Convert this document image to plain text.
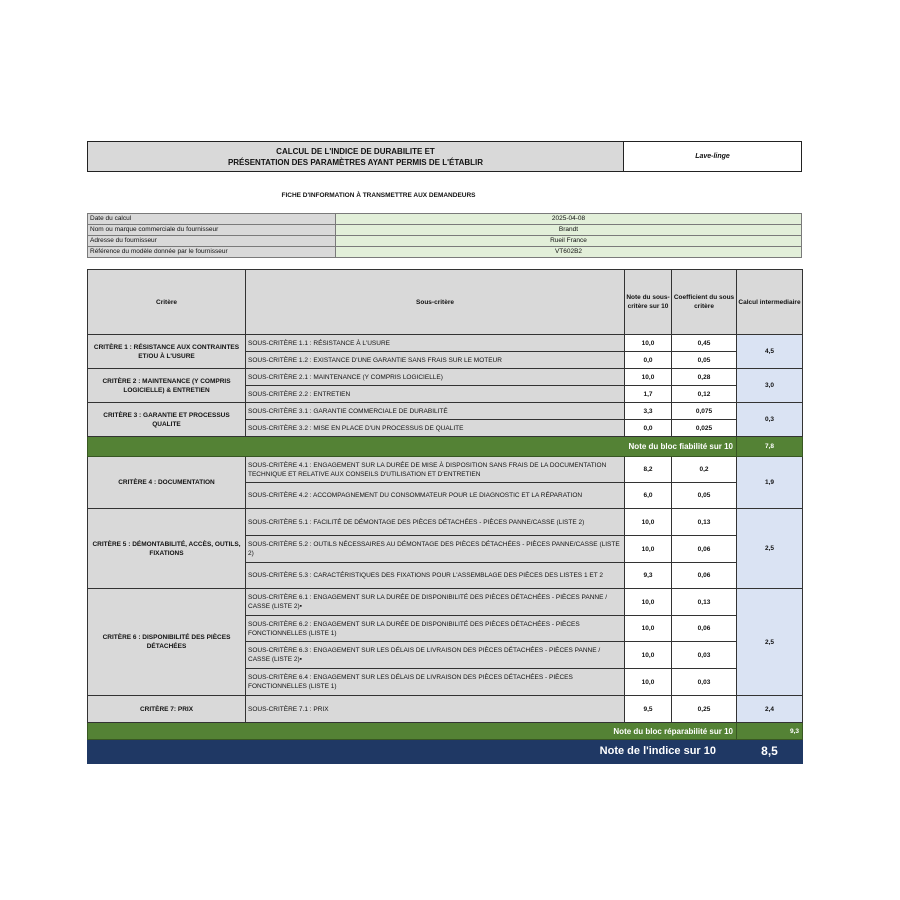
CALCUL DE L'INDICE DE DURABILITE ET
PRÉSENTATION DES PARAMÈTRES AYANT PERMIS DE L'ÉTABLIR
Lave-linge
FICHE D'INFORMATION À TRANSMETTRE AUX DEMANDEURS
Date du calcul	2025-04-08
Nom ou marque commerciale du fournisseur	Brandt
Adresse du fournisseur	Rueil France
Référence du modèle donnée par le fournisseur	VT602B2
Critère	Sous-critère	Note du sous-critère sur 10	Coefficient du sous critère	Calcul intermediaire
CRITÈRE 1 : RÉSISTANCE AUX CONTRAINTES ET/OU À L'USURE	SOUS-CRITÈRE 1.1 : RÉSISTANCE À L'USURE	10,0	0,45	4,5
	SOUS-CRITÈRE 1.2 : EXISTANCE D'UNE GARANTIE SANS FRAIS SUR LE MOTEUR	0,0	0,05	
CRITÈRE 2 : MAINTENANCE (Y COMPRIS LOGICIELLE) & ENTRETIEN	SOUS-CRITÈRE 2.1 : MAINTENANCE (Y COMPRIS LOGICIELLE)	10,0	0,28	3,0
	SOUS-CRITÈRE 2.2 : ENTRETIEN	1,7	0,12	
CRITÈRE 3 : GARANTIE ET PROCESSUS QUALITE	SOUS-CRITÈRE 3.1 : GARANTIE COMMERCIALE DE DURABILITÉ	3,3	0,075	0,3
	SOUS-CRITÈRE 3.2 : MISE EN PLACE D'UN PROCESSUS DE QUALITE	0,0	0,025	
Note du bloc fiabilité sur 10				7,8
CRITÈRE 4 : DOCUMENTATION	SOUS-CRITÈRE 4.1 : ENGAGEMENT SUR LA DURÉE DE MISE À DISPOSITION SANS FRAIS DE LA DOCUMENTATION TECHNIQUE ET RELATIVE AUX CONSEILS D'UTILISATION ET D'ENTRETIEN	8,2	0,2	1,9
	SOUS-CRITÈRE 4.2 : ACCOMPAGNEMENT DU CONSOMMATEUR POUR LE DIAGNOSTIC ET LA RÉPARATION	6,0	0,05	
CRITÈRE 5 : DÉMONTABILITÉ, ACCÈS, OUTILS, FIXATIONS	SOUS-CRITÈRE 5.1 : FACILITÉ DE DÉMONTAGE DES PIÈCES DÉTACHÉES - PIÈCES PANNE/CASSE (LISTE 2)	10,0	0,13	2,5
	SOUS-CRITÈRE 5.2 : OUTILS NÉCESSAIRES AU DÉMONTAGE DES PIÈCES DÉTACHÉES - PIÈCES PANNE/CASSE (LISTE 2)	10,0	0,06	
	SOUS-CRITÈRE 5.3 : CARACTÉRISTIQUES DES FIXATIONS POUR L'ASSEMBLAGE DES PIÈCES DES LISTES 1 ET 2	9,3	0,06	
CRITÈRE 6 : DISPONIBILITÉ DES PIÈCES DÉTACHÉES	SOUS-CRITÈRE 6.1 : ENGAGEMENT SUR LA DURÉE DE DISPONIBILITÉ DES PIÈCES DÉTACHÉES - PIÈCES PANNE / CASSE (LISTE 2)▪	10,0	0,13	2,5
	SOUS-CRITÈRE 6.2 : ENGAGEMENT SUR LA DURÉE DE DISPONIBILITÉ DES PIÈCES DÉTACHÉES - PIÈCES FONCTIONNELLES (LISTE 1)	10,0	0,06	
	SOUS-CRITÈRE 6.3 : ENGAGEMENT SUR LES DÉLAIS DE LIVRAISON DES PIÈCES DÉTACHÉES - PIÈCES PANNE / CASSE (LISTE 2)▪	10,0	0,03	
	SOUS-CRITÈRE 6.4 : ENGAGEMENT SUR LES DÉLAIS DE LIVRAISON DES PIÈCES DÉTACHÉES - PIÈCES FONCTIONNELLES (LISTE 1)	10,0	0,03	
CRITÈRE 7: PRIX	SOUS-CRITÈRE 7.1 : PRIX	9,5	0,25	2,4
Note du bloc réparabilité sur 10				9,3
Note de l'indice sur 10				8,5
